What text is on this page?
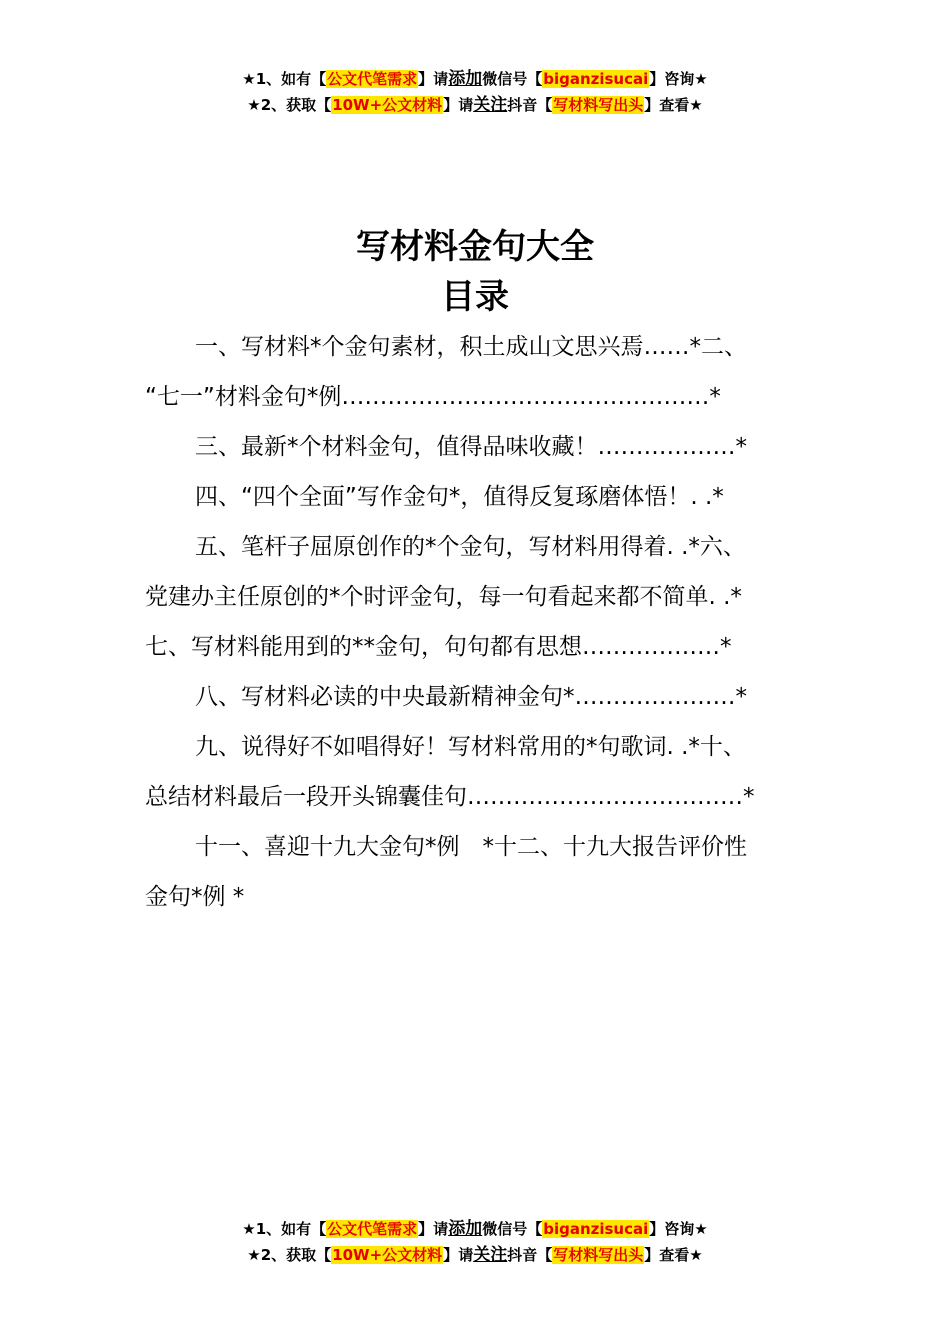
★1、如有【公文代笔需求】请添加微信号【biganzisucai】咨询★
★2、获取【10W+公文材料】请关注抖音【写材料写出头】查看★
写材料金句大全
目录
一、写材料*个金句素材，积土成山文思兴焉……*二、
“七一”材料金句*例…………………………………………*
三、最新*个材料金句，值得品味收藏！………………*
四、“四个全面”写作金句*，值得反复琢磨体悟！. .*
五、笔杆子屈原创作的*个金句，写材料用得着. .*六、
党建办主任原创的*个时评金句，每一句看起来都不简单. .*
七、写材料能用到的**金句，句句都有思想………………*
八、写材料必读的中央最新精神金句*…………………*
九、说得好不如唱得好！写材料常用的*句歌词. .*十、
总结材料最后一段开头锦囊佳句………………………………*
十一、喜迎十九大金句*例　*十二、十九大报告评价性
金句*例 *
★1、如有【公文代笔需求】请添加微信号【biganzisucai】咨询★
★2、获取【10W+公文材料】请关注抖音【写材料写出头】查看★
